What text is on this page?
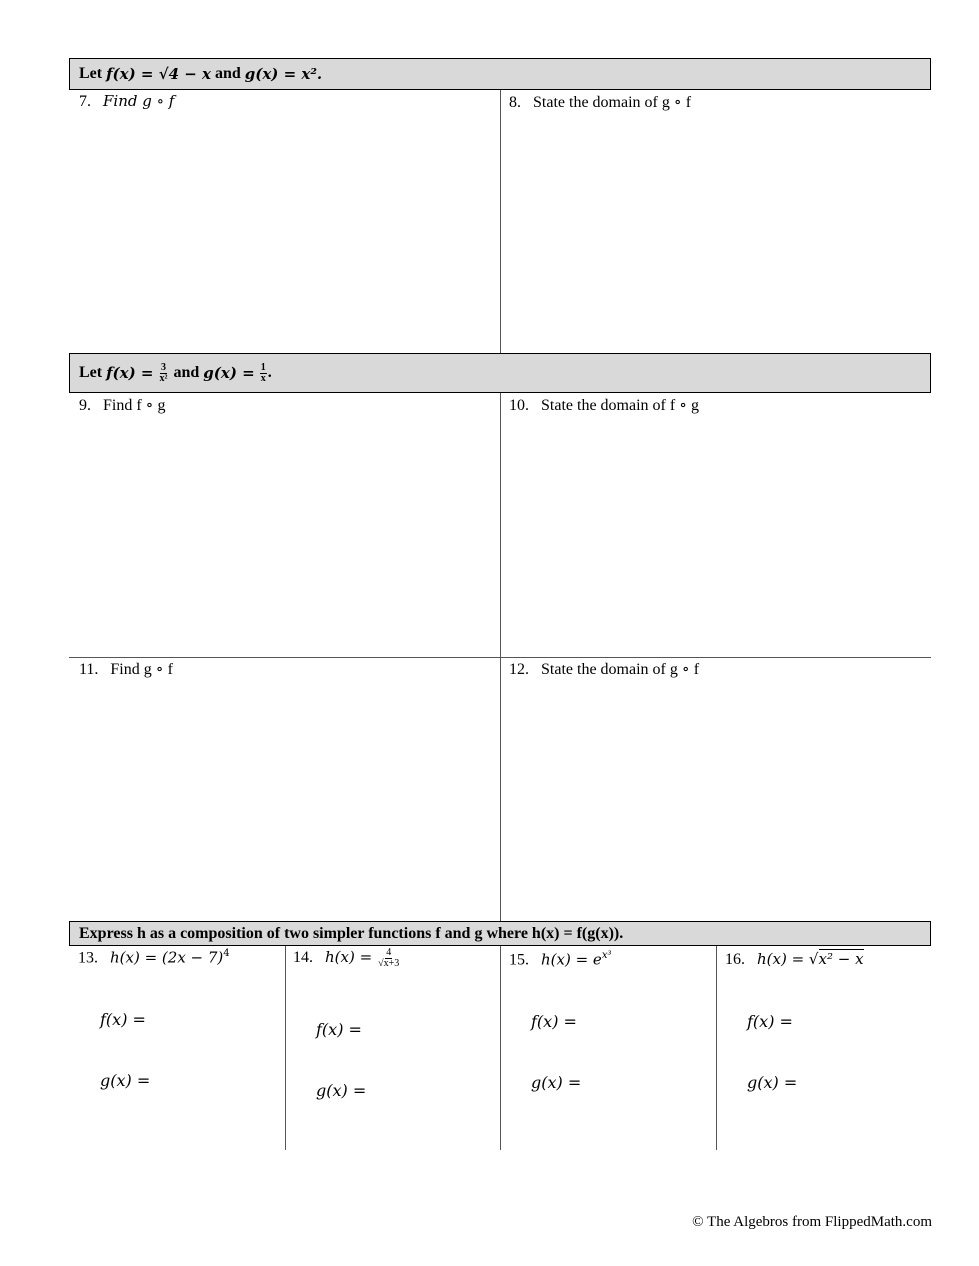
Let
f(x) = √4 − x
and
g(x) = x².
7. Find g ∘ f	8. State the domain of g ∘ f
Let
f(x) =
$\frac{3}{\text{x²}}$
and
g(x) =
$\frac{1}{x}$ .
9. Find f ∘ g	10. State the domain of f ∘ g
11. Find g ∘ f	12. State the domain of g ∘ f
Express h as a composition of two simpler functions f and g where h(x) = f(g(x)).
13. $h(x) = (2x - 7)^4$
f(x) =
g(x) =
14. $h(x) = \frac{4}{√x+3}$
f(x) =
g(x) =
15. $h(x) = e^{x^3}$
f(x) =
g(x) =
16. h(x) = √x² − x
f(x) =
g(x) =
© The Algebros from FlippedMath.com
